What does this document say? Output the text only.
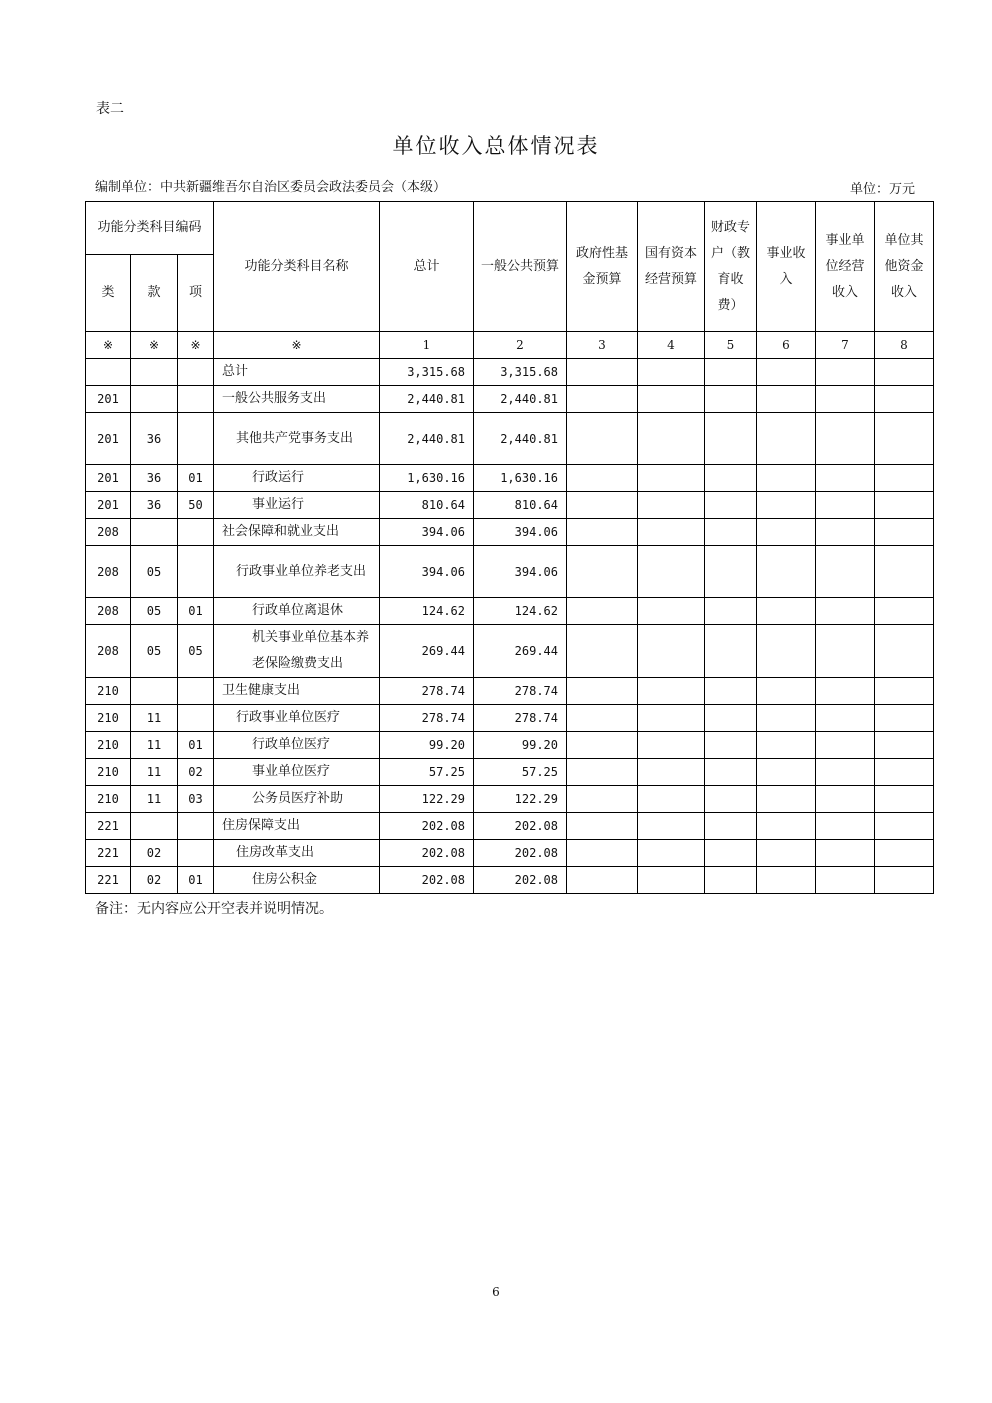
表二
单位收入总体情况表
编制单位：中共新疆维吾尔自治区委员会政法委员会（本级）	单位：万元
功能分类科目编码			功能分类科目名称	总计	一般公共预算	政府性基金预算	国有资本经营预算	财政专户（教育收费）	事业收入	事业单位经营收入	单位其他资金收入
类	款	项									
※	※	※	※	1	2	3	4	5	6	7	8
			总计	3,315.68	3,315.68						
201			一般公共服务支出	2,440.81	2,440.81						
201	36		其他共产党事务支出	2,440.81	2,440.81						
201	36	01	行政运行	1,630.16	1,630.16						
201	36	50	事业运行	810.64	810.64						
208			社会保障和就业支出	394.06	394.06						
208	05		行政事业单位养老支出	394.06	394.06						
208	05	01	行政单位离退休	124.62	124.62						
208	05	05	机关事业单位基本养老保险缴费支出	269.44	269.44						
210			卫生健康支出	278.74	278.74						
210	11		行政事业单位医疗	278.74	278.74						
210	11	01	行政单位医疗	99.20	99.20						
210	11	02	事业单位医疗	57.25	57.25						
210	11	03	公务员医疗补助	122.29	122.29						
221			住房保障支出	202.08	202.08						
221	02		住房改革支出	202.08	202.08						
221	02	01	住房公积金	202.08	202.08						
备注：无内容应公开空表并说明情况。
6
